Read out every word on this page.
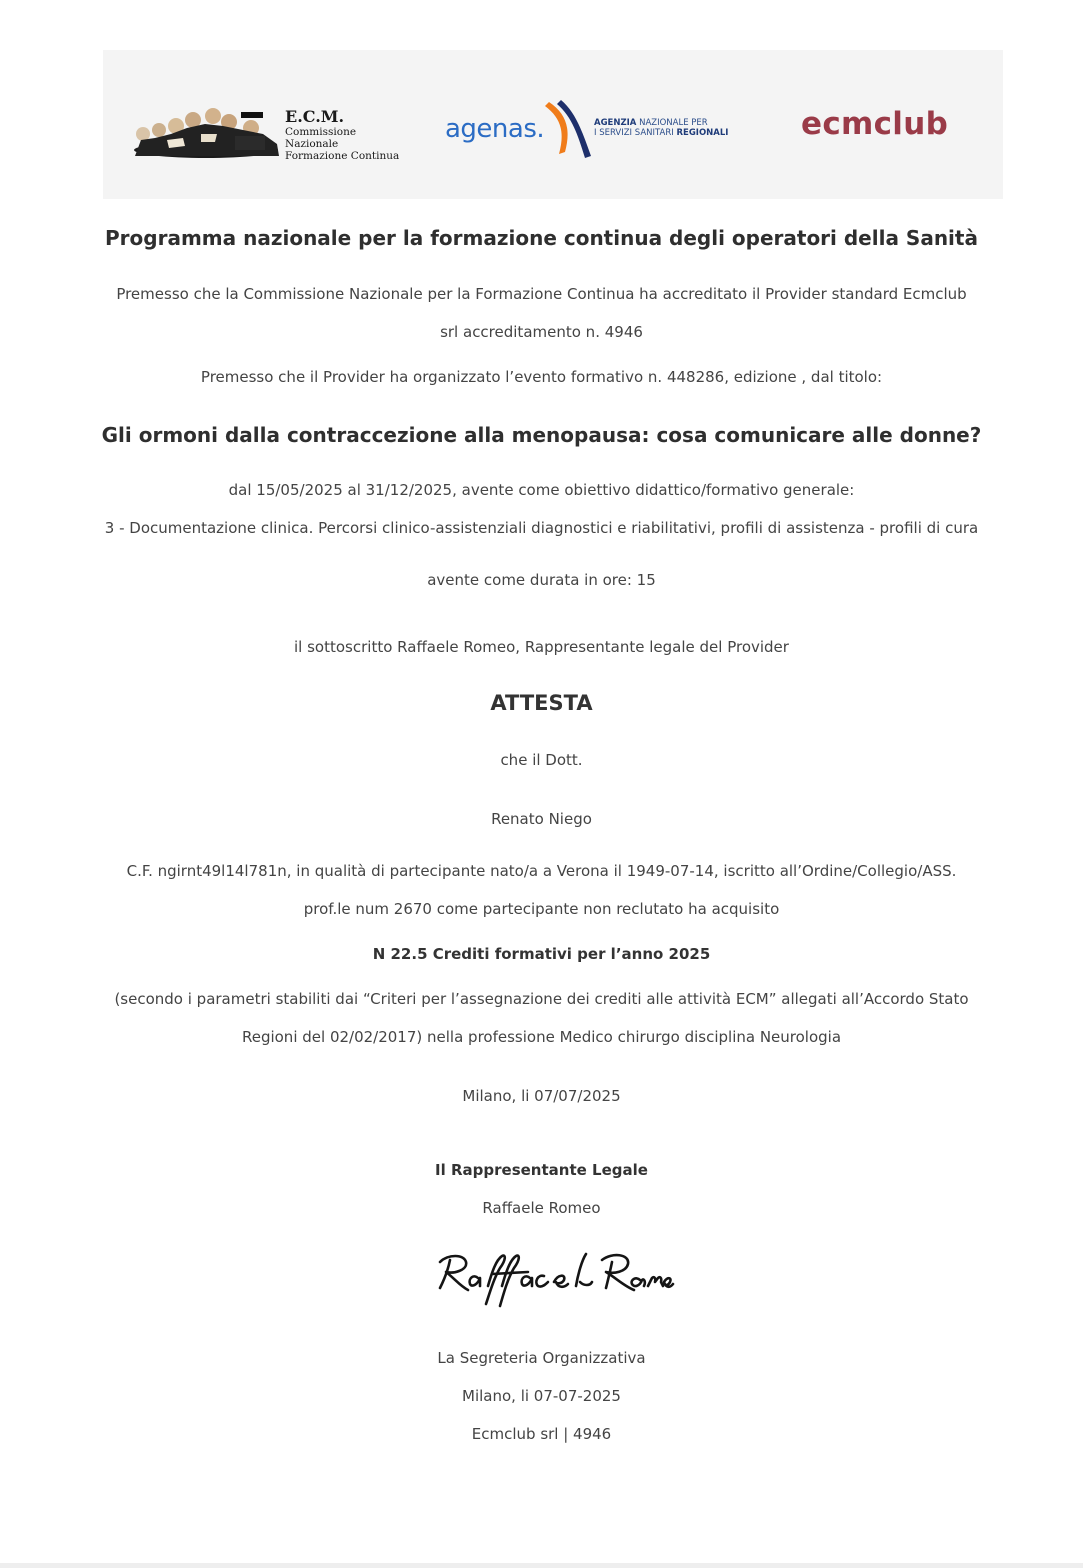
E.C.M.
Commissione Nazionale
Formazione Continua
agenas.	AGENZIA NAZIONALE PER
I SERVIZI SANITARI REGIONALI ecmclub
Programma nazionale per la formazione continua degli operatori della Sanità
Premesso che la Commissione Nazionale per la Formazione Continua ha accreditato il Provider standard Ecmclub
srl accreditamento n. 4946
Premesso che il Provider ha organizzato l’evento formativo n. 448286, edizione , dal titolo:
Gli ormoni dalla contraccezione alla menopausa: cosa comunicare alle donne?
dal 15/05/2025 al 31/12/2025, avente come obiettivo didattico/formativo generale:
3 - Documentazione clinica. Percorsi clinico-assistenziali diagnostici e riabilitativi, profili di assistenza - profili di cura
avente come durata in ore: 15
il sottoscritto Raffaele Romeo, Rappresentante legale del Provider
ATTESTA
che il Dott.
Renato Niego
C.F. ngirnt49l14l781n, in qualità di partecipante nato/a a Verona il 1949-07-14, iscritto all’Ordine/Collegio/ASS.
prof.le num 2670 come partecipante non reclutato ha acquisito
N 22.5 Crediti formativi per l’anno 2025
(secondo i parametri stabiliti dai “Criteri per l’assegnazione dei crediti alle attività ECM” allegati all’Accordo Stato
Regioni del 02/02/2017) nella professione Medico chirurgo disciplina Neurologia
Milano, li 07/07/2025
Il Rappresentante Legale
Raffaele Romeo
La Segreteria Organizzativa
Milano, li 07-07-2025
Ecmclub srl | 4946
